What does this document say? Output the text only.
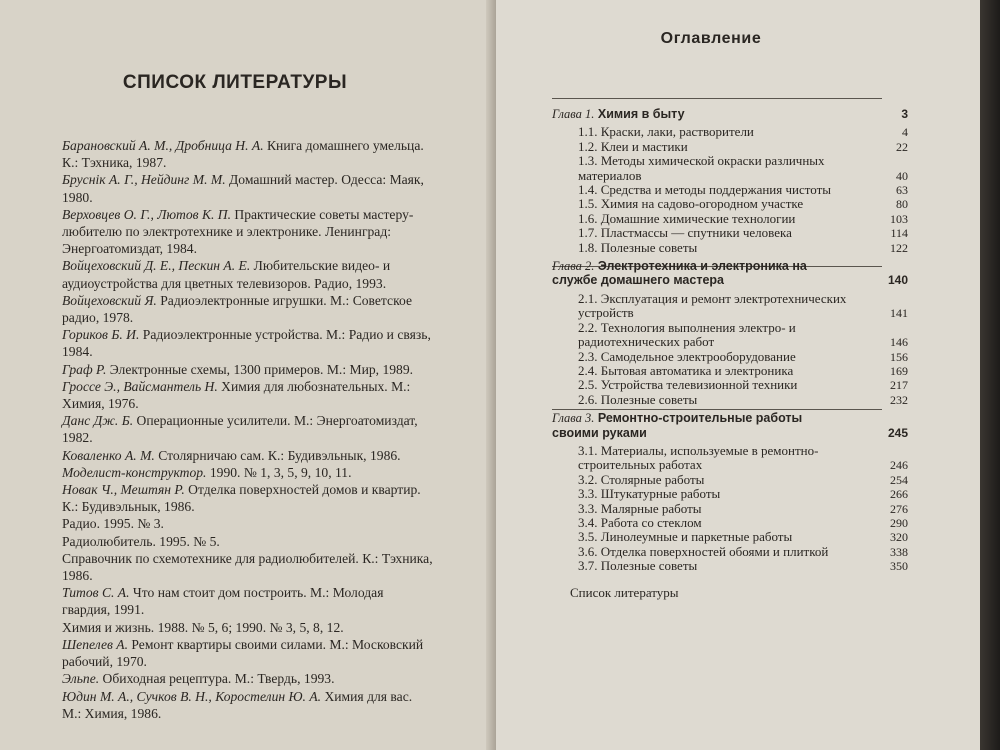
СПИСОК ЛИТЕРАТУРЫ
Барановский А. М., Дробница Н. А. Книга домашнего умельца. К.: Тэхника, 1987.
Бруснік А. Г., Нейдинг М. М. Домашний мастер. Одесса: Маяк, 1980.
Верховцев О. Г., Лютов К. П. Практические советы мастеру-любителю по электротехнике и электронике. Ленинград: Энергоатомиздат, 1984.
Войцеховский Д. Е., Пескин А. Е. Любительские видео- и аудиоустройства для цветных телевизоров. Радио, 1993.
Войцеховский Я. Радиоэлектронные игрушки. М.: Советское радио, 1978.
Гориков Б. И. Радиоэлектронные устройства. М.: Радио и связь, 1984.
Граф Р. Электронные схемы, 1300 примеров. М.: Мир, 1989.
Гроссе Э., Вайсмантель Н. Химия для любознательных. М.: Химия, 1976.
Данс Дж. Б. Операционные усилители. М.: Энергоатомиздат, 1982.
Коваленко А. М. Столярничаю сам. К.: Будивэльнык, 1986.
Моделист-конструктор. 1990. № 1, 3, 5, 9, 10, 11.
Новак Ч., Мештян Р. Отделка поверхностей домов и квартир. К.: Будивэльнык, 1986.
Радио. 1995. № 3.
Радиолюбитель. 1995. № 5.
Справочник по схемотехнике для радиолюбителей. К.: Тэхника, 1986.
Титов С. А. Что нам стоит дом построить. М.: Молодая гвардия, 1991.
Химия и жизнь. 1988. № 5, 6; 1990. № 3, 5, 8, 12.
Шепелев А. Ремонт квартиры своими силами. М.: Московский рабочий, 1970.
Эльпе. Обиходная рецептура. М.: Твердь, 1993.
Юдин М. А., Сучков В. Н., Коростелин Ю. А. Химия для вас. М.: Химия, 1986.
Оглавление
Глава 1. Химия в быту	3
1.1. Краски, лаки, растворители	4
1.2. Клеи и мастики	22
1.3. Методы химической окраски различных материалов	40
1.4. Средства и методы поддержания чистоты	63
1.5. Химия на садово-огородном участке	80
1.6. Домашние химические технологии	103
1.7. Пластмассы — спутники человека	114
1.8. Полезные советы	122
Глава 2. Электротехника и электроника на службе домашнего мастера	140
2.1. Эксплуатация и ремонт электротехнических устройств	141
2.2. Технология выполнения электро- и радиотехнических работ	146
2.3. Самодельное электрооборудование	156
2.4. Бытовая автоматика и электроника	169
2.5. Устройства телевизионной техники	217
2.6. Полезные советы	232
Глава 3. Ремонтно-строительные работы своими руками	245
3.1. Материалы, используемые в ремонтно-строительных работах	246
3.2. Столярные работы	254
3.3. Штукатурные работы	266
3.3. Малярные работы	276
3.4. Работа со стеклом	290
3.5. Линолеумные и паркетные работы	320
3.6. Отделка поверхностей обоями и плиткой	338
3.7. Полезные советы	350
Список литературы
